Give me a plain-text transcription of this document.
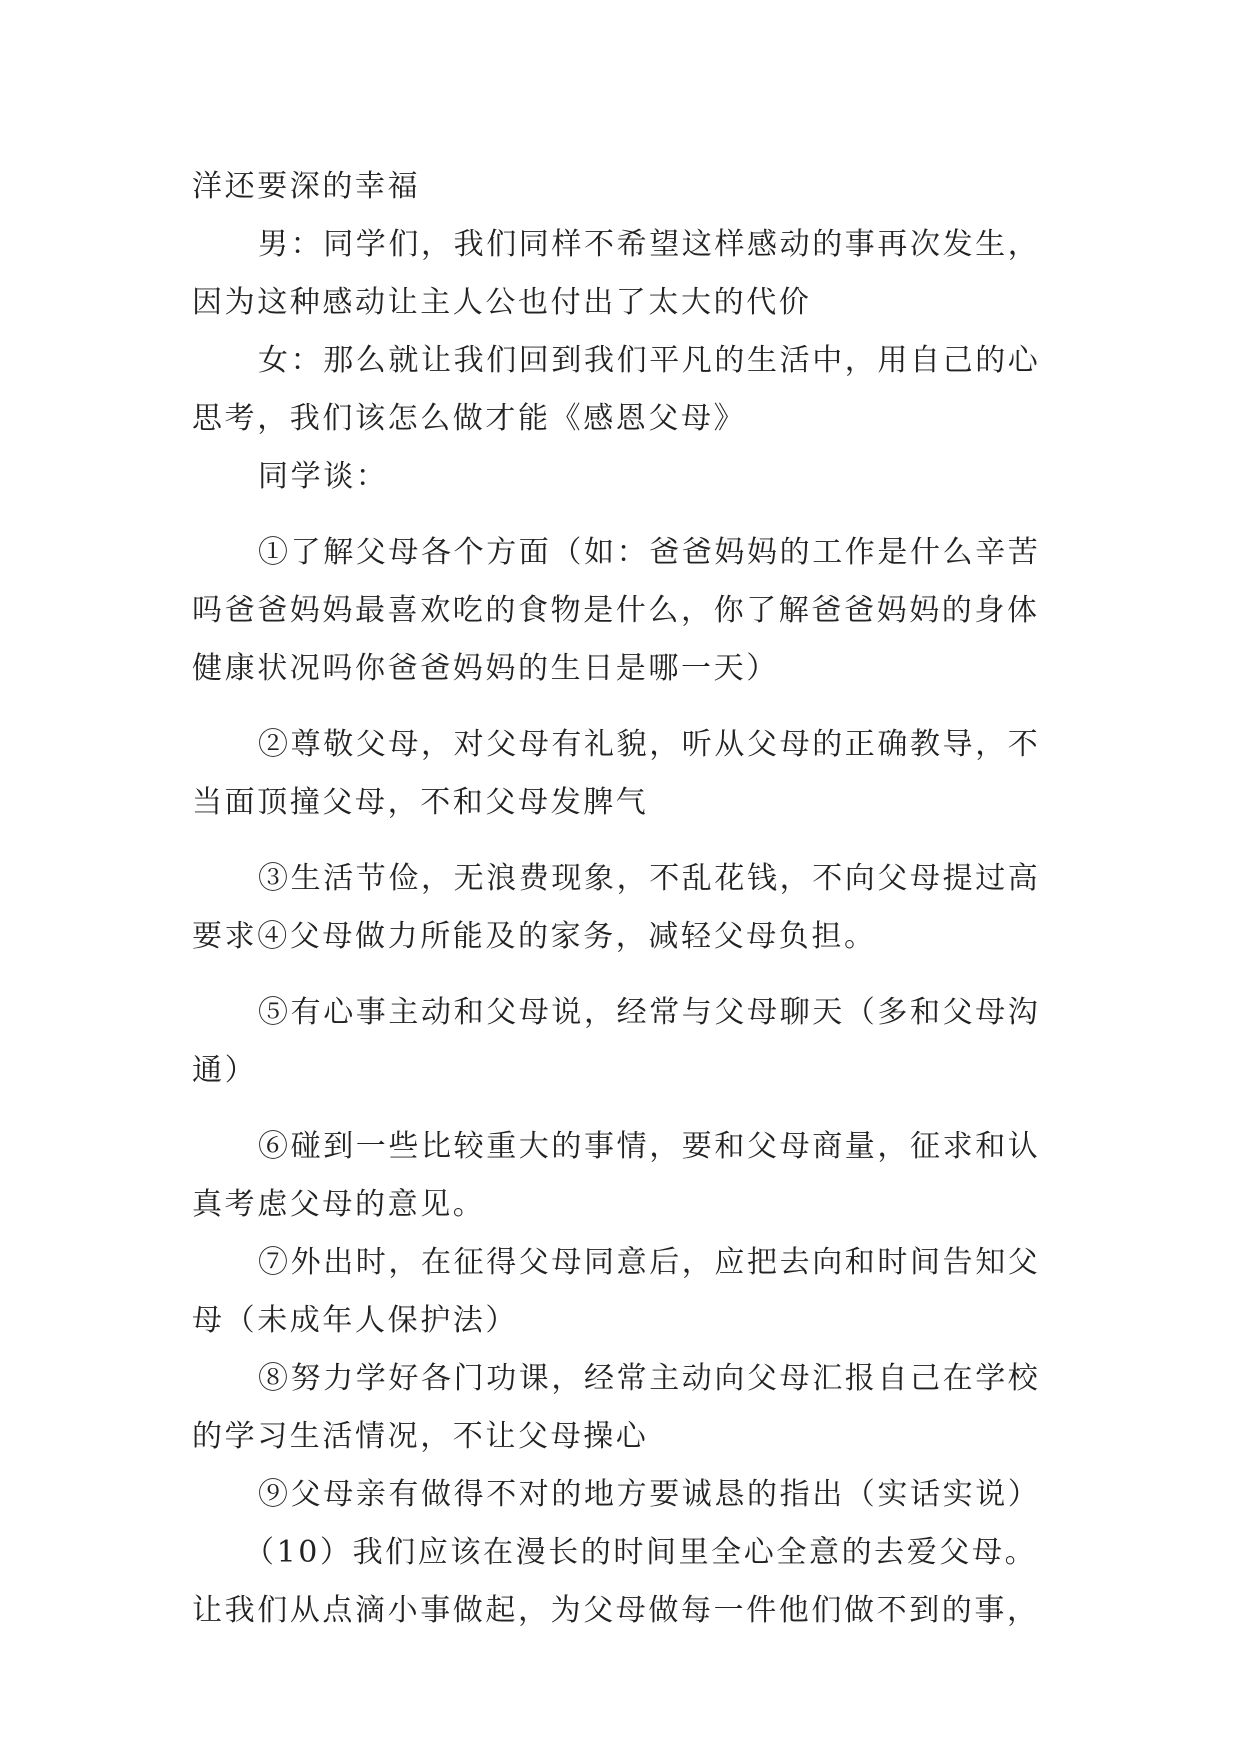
洋还要深的幸福
男：同学们，我们同样不希望这样感动的事再次发生，
因为这种感动让主人公也付出了太大的代价
女：那么就让我们回到我们平凡的生活中，用自己的心
思考，我们该怎么做才能《感恩父母》
同学谈：
①了解父母各个方面（如：爸爸妈妈的工作是什么辛苦
吗爸爸妈妈最喜欢吃的食物是什么，你了解爸爸妈妈的身体
健康状况吗你爸爸妈妈的生日是哪一天）
②尊敬父母，对父母有礼貌，听从父母的正确教导，不
当面顶撞父母，不和父母发脾气
③生活节俭，无浪费现象，不乱花钱，不向父母提过高
要求④父母做力所能及的家务，减轻父母负担。
⑤有心事主动和父母说，经常与父母聊天（多和父母沟
通）
⑥碰到一些比较重大的事情，要和父母商量，征求和认
真考虑父母的意见。
⑦外出时，在征得父母同意后，应把去向和时间告知父
母（未成年人保护法）
⑧努力学好各门功课，经常主动向父母汇报自己在学校
的学习生活情况，不让父母操心
⑨父母亲有做得不对的地方要诚恳的指出（实话实说）
（10）我们应该在漫长的时间里全心全意的去爱父母。
让我们从点滴小事做起，为父母做每一件他们做不到的事，
